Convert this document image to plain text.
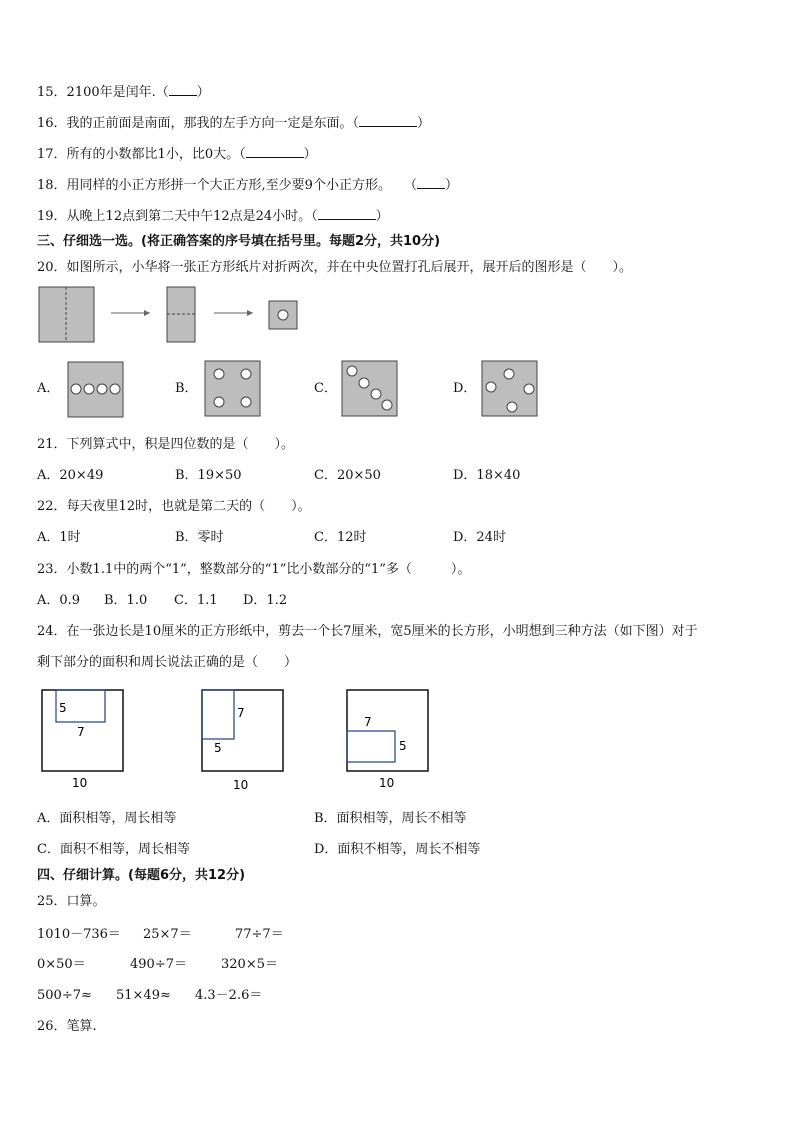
15．2100年是闰年.（ ）
16．我的正前面是南面，那我的左手方向一定是东面。（	）
17．所有的小数都比1小，比0大。（	）
18．用同样的小正方形拼一个大正方形,至少要9个小正方形。　　（ ）
19．从晚上12点到第二天中午12点是24小时。（	）
三、仔细选一选。(将正确答案的序号填在括号里。每题2分，共10分)
20．如图所示，小华将一张正方形纸片对折两次，并在中央位置打孔后展开，展开后的图形是（　　）。
A．	B．	C．	D．
21．下列算式中，积是四位数的是（　　）。
A．20×49	B．19×50	C．20×50	D．18×40
22．每天夜里12时，也就是第二天的（　　）。
A．1时	B．零时	C．12时	D．24时
23．小数1.1中的两个“1”，整数部分的“1”比小数部分的“1”多（　　　）。
A．0.9 B．1.0 C．1.1 D．1.2
24．在一张边长是10厘米的正方形纸中，剪去一个长7厘米，宽5厘米的长方形，小明想到三种方法（如下图）对于
剩下部分的面积和周长说法正确的是（　　）
5
7
10
7
5
10
7
5
10
A．面积相等，周长相等	B．面积相等，周长不相等
C．面积不相等，周长相等	D．面积不相等，周长不相等
四、仔细计算。(每题6分，共12分)
25．口算。
1010－736＝ 25×7＝	77÷7＝
0×50＝	490÷7＝	320×5＝
500÷7≈ 51×49≈ 4.3－2.6＝
26．笔算.
